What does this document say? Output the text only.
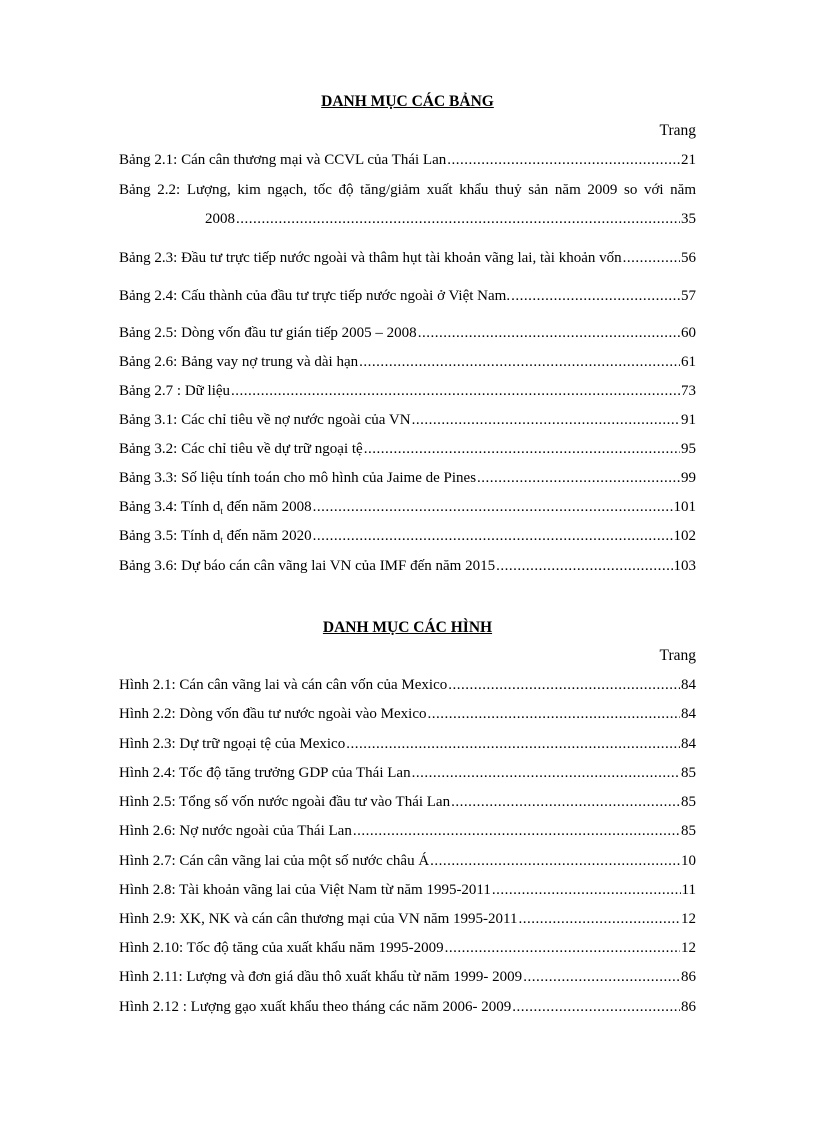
DANH MỤC CÁC BẢNG
Trang
Bảng 2.1: Cán cân thương mại và CCVL của Thái Lan .....	21
Bảng 2.2: Lượng, kim ngạch, tốc độ tăng/giảm xuất khẩu thuỷ sản năm 2009 so với năm
2008 .....	35
Bảng 2.3: Đầu tư trực tiếp nước ngoài và thâm hụt tài khoản vãng lai, tài khoản vốn .....	56
Bảng 2.4: Cấu thành của đầu tư trực tiếp nước ngoài ở Việt Nam. .....	57
Bảng 2.5: Dòng vốn đầu tư gián tiếp 2005 – 2008 .....	60
Bảng 2.6: Bảng vay nợ trung và dài hạn .....	61
Bảng 2.7 : Dữ liệu .....	73
Bảng 3.1: Các chỉ tiêu về nợ nước ngoài của VN .....	91
Bảng 3.2: Các chỉ tiêu về dự trữ ngoại tệ .....	95
Bảng 3.3: Số liệu tính toán cho mô hình của Jaime de Pines .....	99
Bảng 3.4: Tính $d_t$ đến năm 2008 .....	101
Bảng 3.5: Tính $d_t$ đến năm 2020 .....	102
Bảng 3.6: Dự báo cán cân vãng lai VN của IMF đến năm 2015 .....	103
DANH MỤC CÁC HÌNH
Trang
Hình 2.1: Cán cân vãng lai và cán cân vốn của Mexico .....	84
Hình 2.2: Dòng vốn đầu tư nước ngoài vào Mexico .....	84
Hình 2.3: Dự trữ ngoại tệ của Mexico .....	84
Hình 2.4: Tốc độ tăng trưởng GDP của Thái Lan .....	85
Hình 2.5: Tổng số vốn nước ngoài đầu tư vào Thái Lan .....	85
Hình 2.6: Nợ nước ngoài của Thái Lan .....	85
Hình 2.7: Cán cân vãng lai của một số nước châu Á .....	10
Hình 2.8: Tài khoản vãng lai của Việt Nam từ năm 1995-2011 .....	11
Hình 2.9: XK, NK và cán cân thương mại của VN năm 1995-2011 .....	12
Hình 2.10: Tốc độ tăng của xuất khẩu năm 1995-2009 .....	12
Hình 2.11: Lượng và đơn giá dầu thô xuất khẩu từ năm 1999- 2009 .....	86
Hình 2.12 : Lượng gạo xuất khẩu theo tháng các năm 2006- 2009 .....	86
